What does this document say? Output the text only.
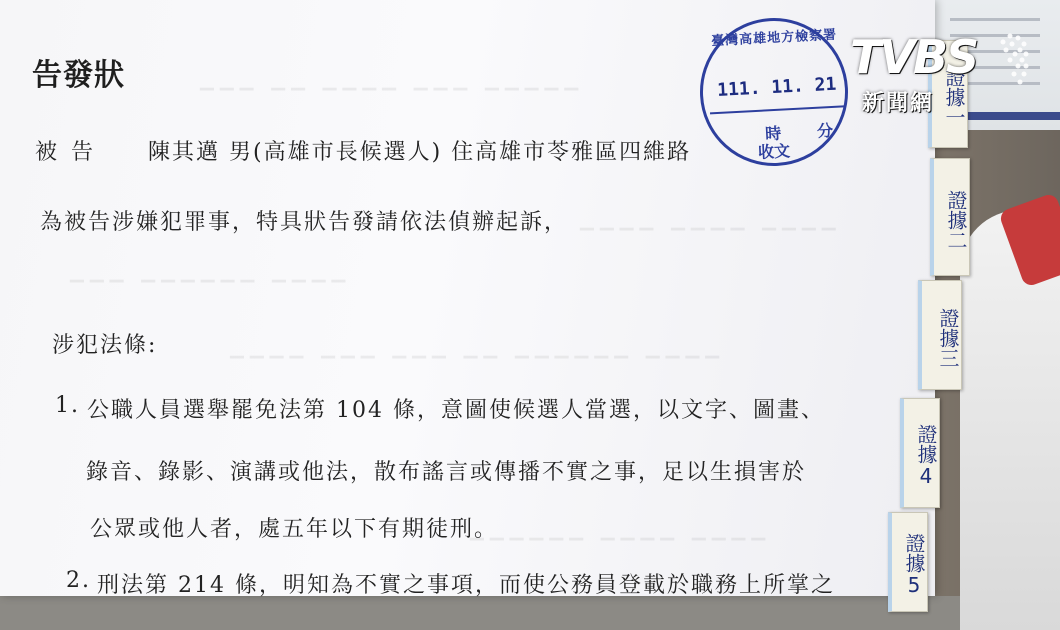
▁▁▁ ▁▁ ▁▁▁▁ ▁▁▁ ▁▁▁▁▁
▁▁▁ ▁▁▁▁▁▁ ▁▁▁▁
▁▁▁▁ ▁▁▁▁ ▁▁▁▁
▁▁▁▁ ▁▁▁ ▁▁▁ ▁▁ ▁▁▁▁▁▁ ▁▁▁▁
▁▁▁▁▁▁ ▁▁▁▁ ▁▁▁▁
告發狀
被告 陳其邁 男(高雄市長候選人) 住高雄市苓雅區四維路
為被告涉嫌犯罪事，特具狀告發請依法偵辦起訴，
涉犯法條:
1. 公職人員選舉罷免法第 104 條，意圖使候選人當選，以文字、圖畫、
錄音、錄影、演講或他法，散布謠言或傳播不實之事，足以生損害於
公眾或他人者，處五年以下有期徒刑。
2. 刑法第 214 條，明知為不實之事項，而使公務員登載於職務上所掌之
臺灣高雄地方檢察署
111. 11. 21
時 分
收文
證據一
證據二
證據三
證據4
證據5
TVBS
新聞網
